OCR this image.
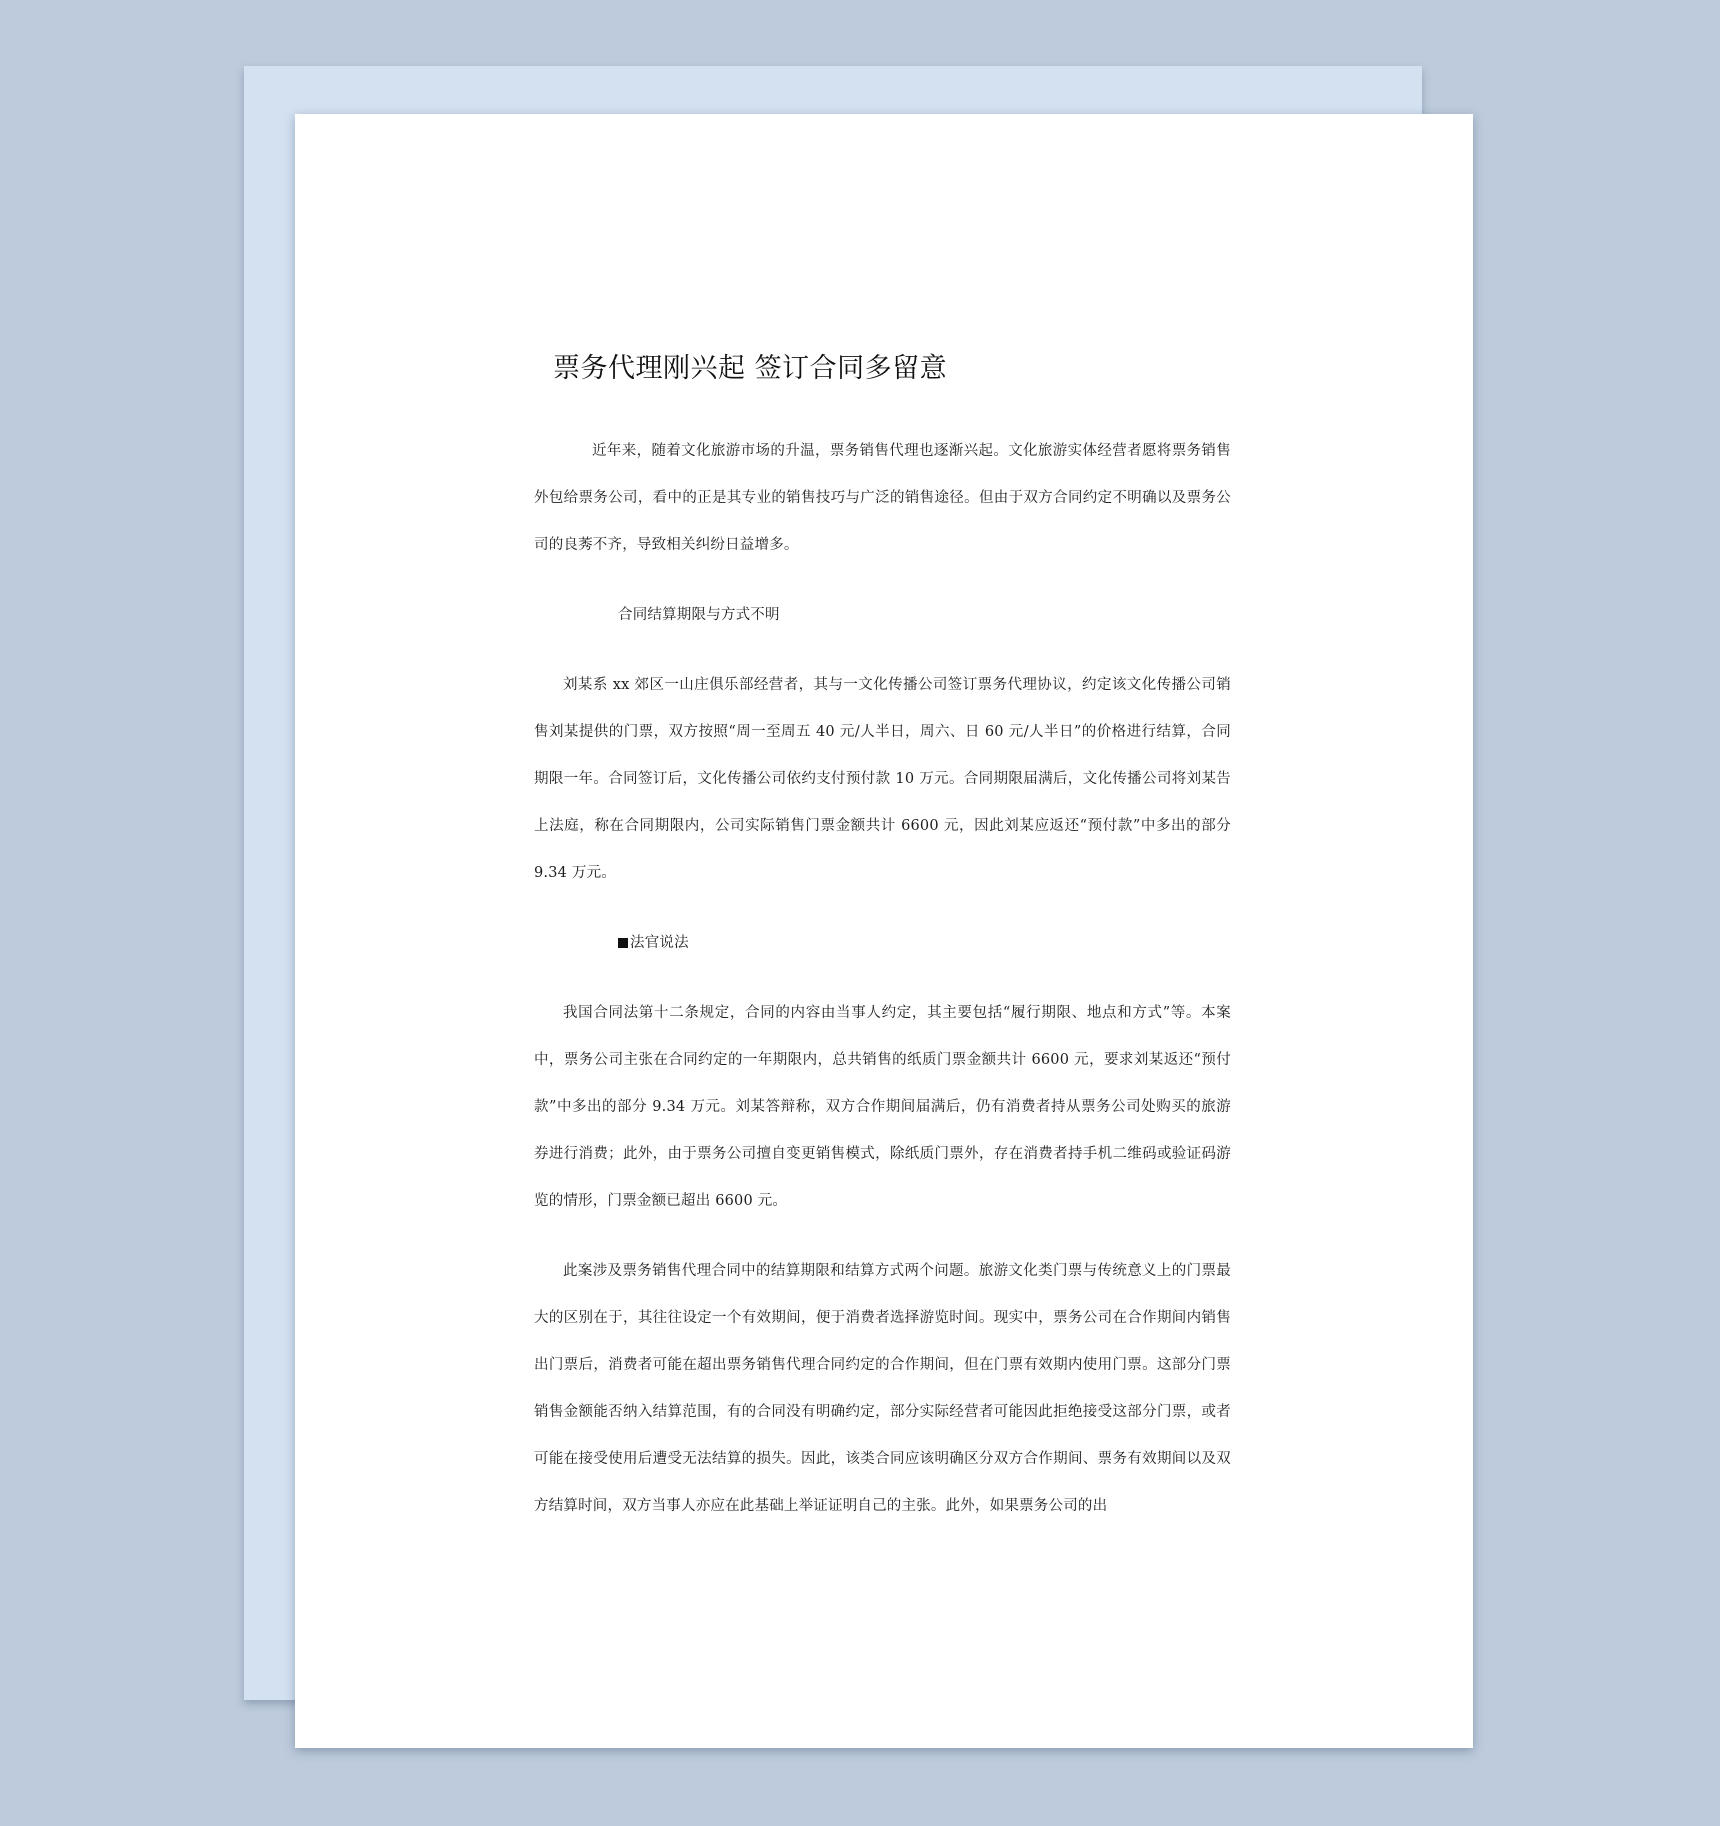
票务代理刚兴起 签订合同多留意

近年来，随着文化旅游市场的升温，票务销售代理也逐渐兴起。文化旅游实体经营者愿将票务销售外包给票务公司，看中的正是其专业的销售技巧与广泛的销售途径。但由于双方合同约定不明确以及票务公司的良莠不齐，导致相关纠纷日益增多。

合同结算期限与方式不明

刘某系 xx 郊区一山庄俱乐部经营者，其与一文化传播公司签订票务代理协议，约定该文化传播公司销售刘某提供的门票，双方按照“周一至周五 40 元/人半日，周六、日 60 元/人半日”的价格进行结算，合同期限一年。合同签订后，文化传播公司依约支付预付款 10 万元。合同期限届满后，文化传播公司将刘某告上法庭，称在合同期限内，公司实际销售门票金额共计 6600 元，因此刘某应返还“预付款”中多出的部分 9.34 万元。

法官说法

我国合同法第十二条规定，合同的内容由当事人约定，其主要包括“履行期限、地点和方式”等。本案中，票务公司主张在合同约定的一年期限内，总共销售的纸质门票金额共计 6600 元，要求刘某返还“预付款”中多出的部分 9.34 万元。刘某答辩称，双方合作期间届满后，仍有消费者持从票务公司处购买的旅游券进行消费；此外，由于票务公司擅自变更销售模式，除纸质门票外，存在消费者持手机二维码或验证码游览的情形，门票金额已超出 6600 元。

此案涉及票务销售代理合同中的结算期限和结算方式两个问题。旅游文化类门票与传统意义上的门票最大的区别在于，其往往设定一个有效期间，便于消费者选择游览时间。现实中，票务公司在合作期间内销售出门票后，消费者可能在超出票务销售代理合同约定的合作期间，但在门票有效期内使用门票。这部分门票销售金额能否纳入结算范围，有的合同没有明确约定，部分实际经营者可能因此拒绝接受这部分门票，或者可能在接受使用后遭受无法结算的损失。因此，该类合同应该明确区分双方合作期间、票务有效期间以及双方结算时间，双方当事人亦应在此基础上举证证明自己的主张。此外，如果票务公司的出
